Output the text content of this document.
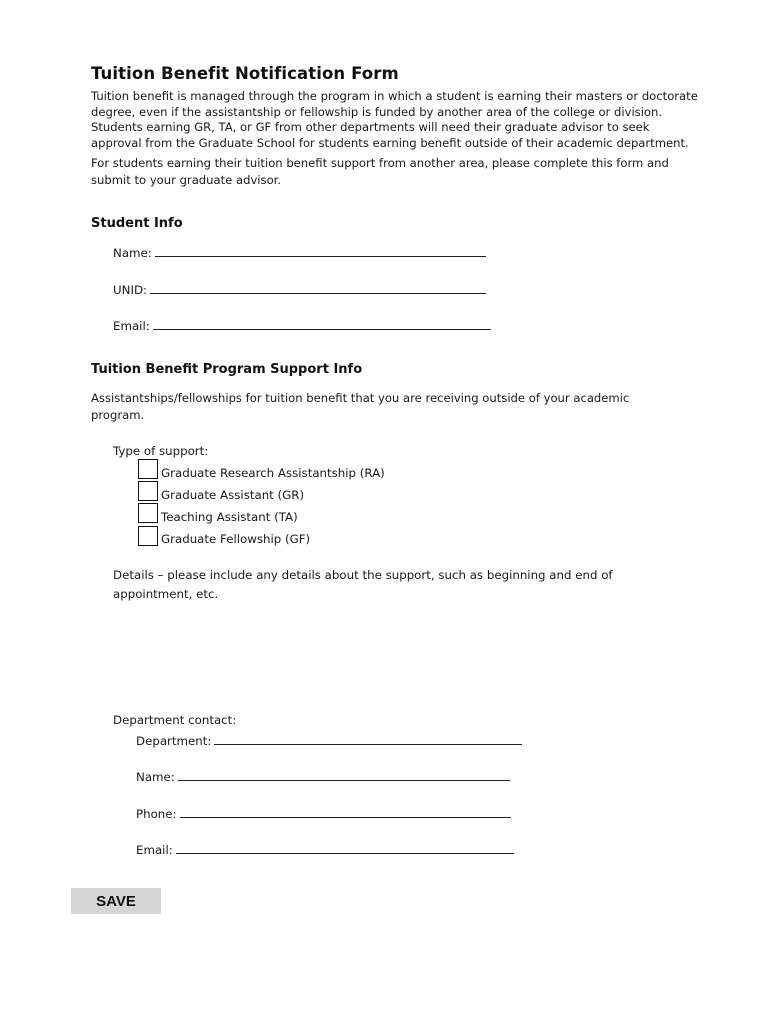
Tuition Benefit Notification Form
Tuition benefit is managed through the program in which a student is earning their masters or doctorate
degree, even if the assistantship or fellowship is funded by another area of the college or division.
Students earning GR, TA, or GF from other departments will need their graduate advisor to seek
approval from the Graduate School for students earning benefit outside of their academic department.
For students earning their tuition benefit support from another area, please complete this form and
submit to your graduate advisor.
Student Info
Name:
UNID:
Email:
Tuition Benefit Program Support Info
Assistantships/fellowships for tuition benefit that you are receiving outside of your academic
program.
Type of support:
Graduate Research Assistantship (RA)
Graduate Assistant (GR)
Teaching Assistant (TA)
Graduate Fellowship (GF)
Details – please include any details about the support, such as beginning and end of
appointment, etc.
Department contact:
Department:
Name:
Phone:
Email:
SAVE
